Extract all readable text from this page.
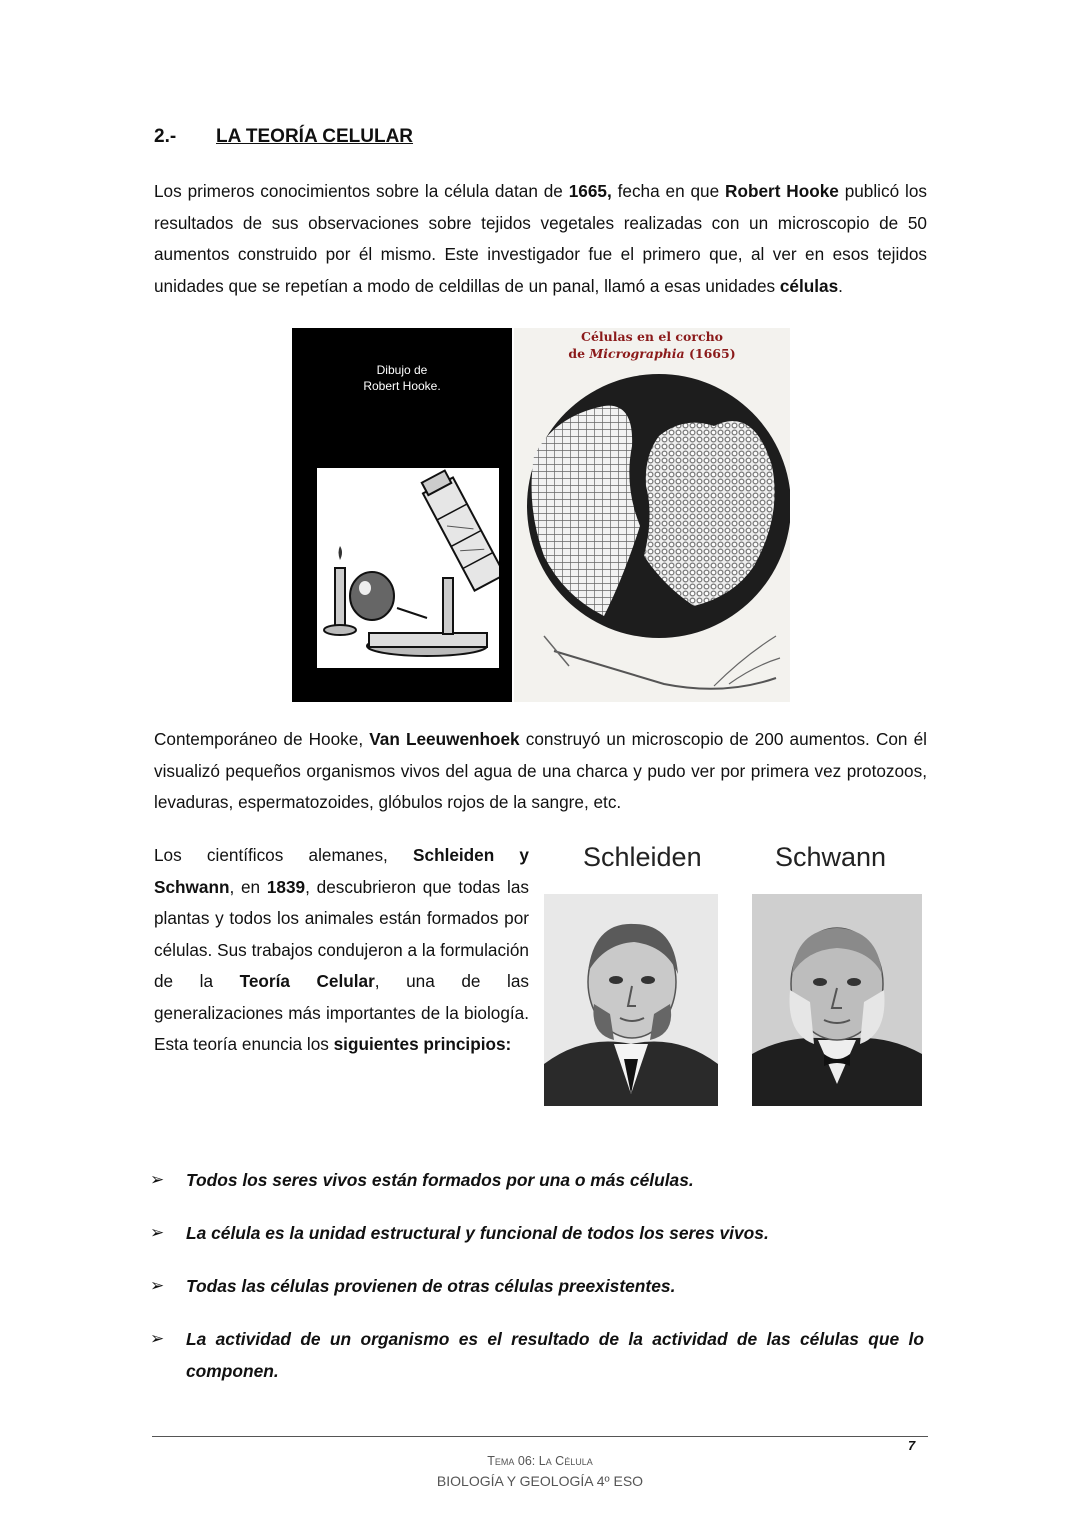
2.- LA TEORÍA CELULAR
Los primeros conocimientos sobre la célula datan de 1665, fecha en que Robert Hooke publicó los resultados de sus observaciones sobre tejidos vegetales realizadas con un microscopio de 50 aumentos construido por él mismo. Este investigador fue el primero que, al ver en esos tejidos unidades que se repetían a modo de celdillas de un panal, llamó a esas unidades células.
Dibujo de Robert Hooke.
Células en el corcho
de Micrographia (1665)
Contemporáneo de Hooke, Van Leeuwenhoek construyó un microscopio de 200 aumentos. Con él visualizó pequeños organismos vivos del agua de una charca y pudo ver por primera vez protozoos, levaduras, espermatozoides, glóbulos rojos de la sangre, etc.
Los científicos alemanes, Schleiden y Schwann, en 1839, descubrieron que todas las plantas y todos los animales están formados por células. Sus trabajos condujeron a la formulación de la Teoría Celular, una de las generalizaciones más importantes de la biología. Esta teoría enuncia los siguientes principios:
Schleiden	Schwann
➢ Todos los seres vivos están formados por una o más células.
➢ La célula es la unidad estructural y funcional de todos los seres vivos.
➢ Todas las células provienen de otras células preexistentes.
➢ La actividad de un organismo es el resultado de la actividad de las células que lo componen.
7
Tema 06: La Célula
BIOLOGÍA Y GEOLOGÍA 4º ESO
